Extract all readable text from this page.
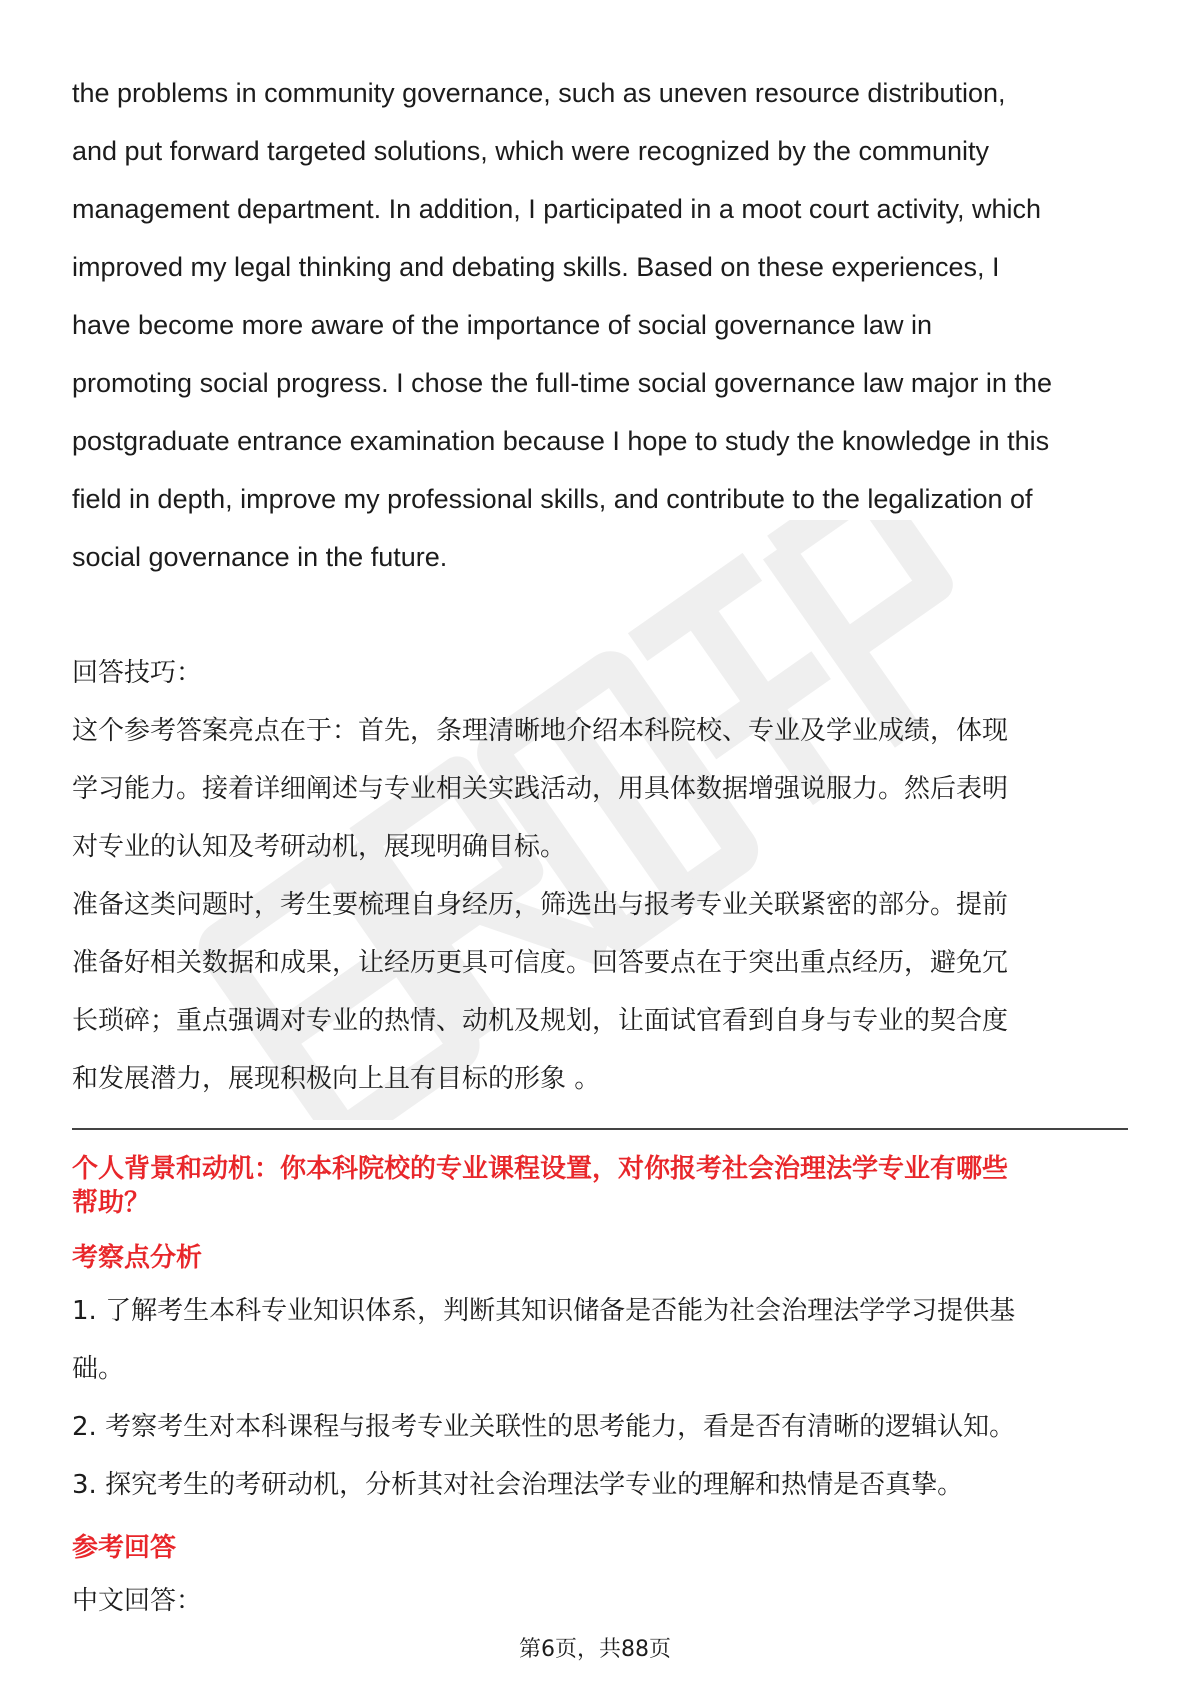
the problems in community governance, such as uneven resource distribution,
and put forward targeted solutions, which were recognized by the community
management department. In addition, I participated in a moot court activity, which
improved my legal thinking and debating skills. Based on these experiences, I
have become more aware of the importance of social governance law in
promoting social progress. I chose the full-time social governance law major in the
postgraduate entrance examination because I hope to study the knowledge in this
field in depth, improve my professional skills, and contribute to the legalization of
social governance in the future.
回答技巧：
这个参考答案亮点在于：首先，条理清晰地介绍本科院校、专业及学业成绩，体现
学习能力。接着详细阐述与专业相关实践活动，用具体数据增强说服力。然后表明
对专业的认知及考研动机，展现明确目标。
准备这类问题时，考生要梳理自身经历，筛选出与报考专业关联紧密的部分。提前
准备好相关数据和成果，让经历更具可信度。回答要点在于突出重点经历，避免冗
长琐碎；重点强调对专业的热情、动机及规划，让面试官看到自身与专业的契合度
和发展潜力，展现积极向上且有目标的形象 。
个人背景和动机：你本科院校的专业课程设置，对你报考社会治理法学专业有哪些
帮助？
考察点分析
1. 了解考生本科专业知识体系，判断其知识储备是否能为社会治理法学学习提供基
础。
2. 考察考生对本科课程与报考专业关联性的思考能力，看是否有清晰的逻辑认知。
3. 探究考生的考研动机，分析其对社会治理法学专业的理解和热情是否真挚。
参考回答
中文回答：
第6页，共88页
